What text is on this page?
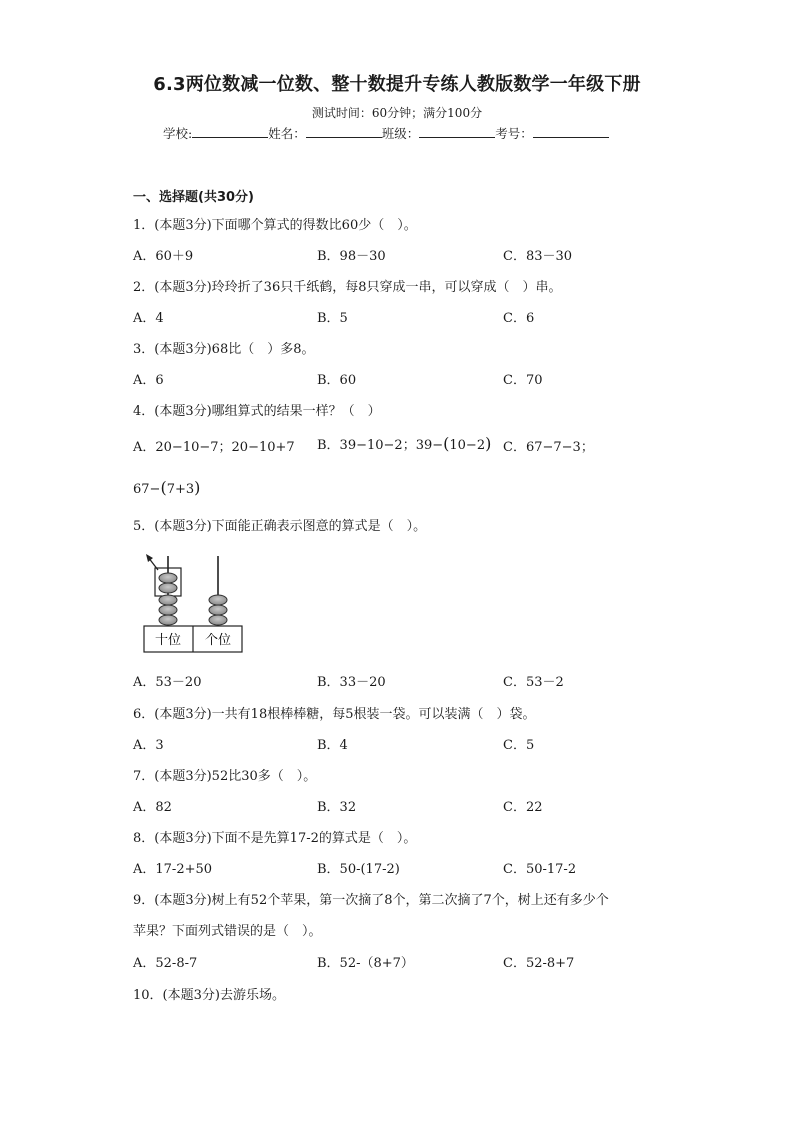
6.3两位数减一位数、整十数提升专练人教版数学一年级下册
测试时间：60分钟；满分100分
学校:	姓名：	班级：	考号：
一、选择题(共30分)
1．(本题3分)下面哪个算式的得数比60少（　）。
A．60＋9	B．98－30	C．83－30
2．(本题3分)玲玲折了36只千纸鹤，每8只穿成一串，可以穿成（　）串。
A．4	B．5	C．6
3．(本题3分)68比（　）多8。
A．6	B．60	C．70
4．(本题3分)哪组算式的结果一样？（　）
A．20−10−7；20−10+7 B．39−10−2；39−(10−2) C．67−7−3；
67−(7+3)
5．(本题3分)下面能正确表示图意的算式是（　）。
十位 个位
A．53－20	B．33－20	C．53－2
6．(本题3分)一共有18根棒棒糖，每5根装一袋。可以装满（　）袋。
A．3	B．4	C．5
7．(本题3分)52比30多（　）。
A．82	B．32	C．22
8．(本题3分)下面不是先算17-2的算式是（　）。
A．17-2+50	B．50-(17-2)	C．50-17-2
9．(本题3分)树上有52个苹果，第一次摘了8个，第二次摘了7个，树上还有多少个
苹果？下面列式错误的是（　）。
A．52-8-7	B．52-（8+7）	C．52-8+7
10．(本题3分)去游乐场。
